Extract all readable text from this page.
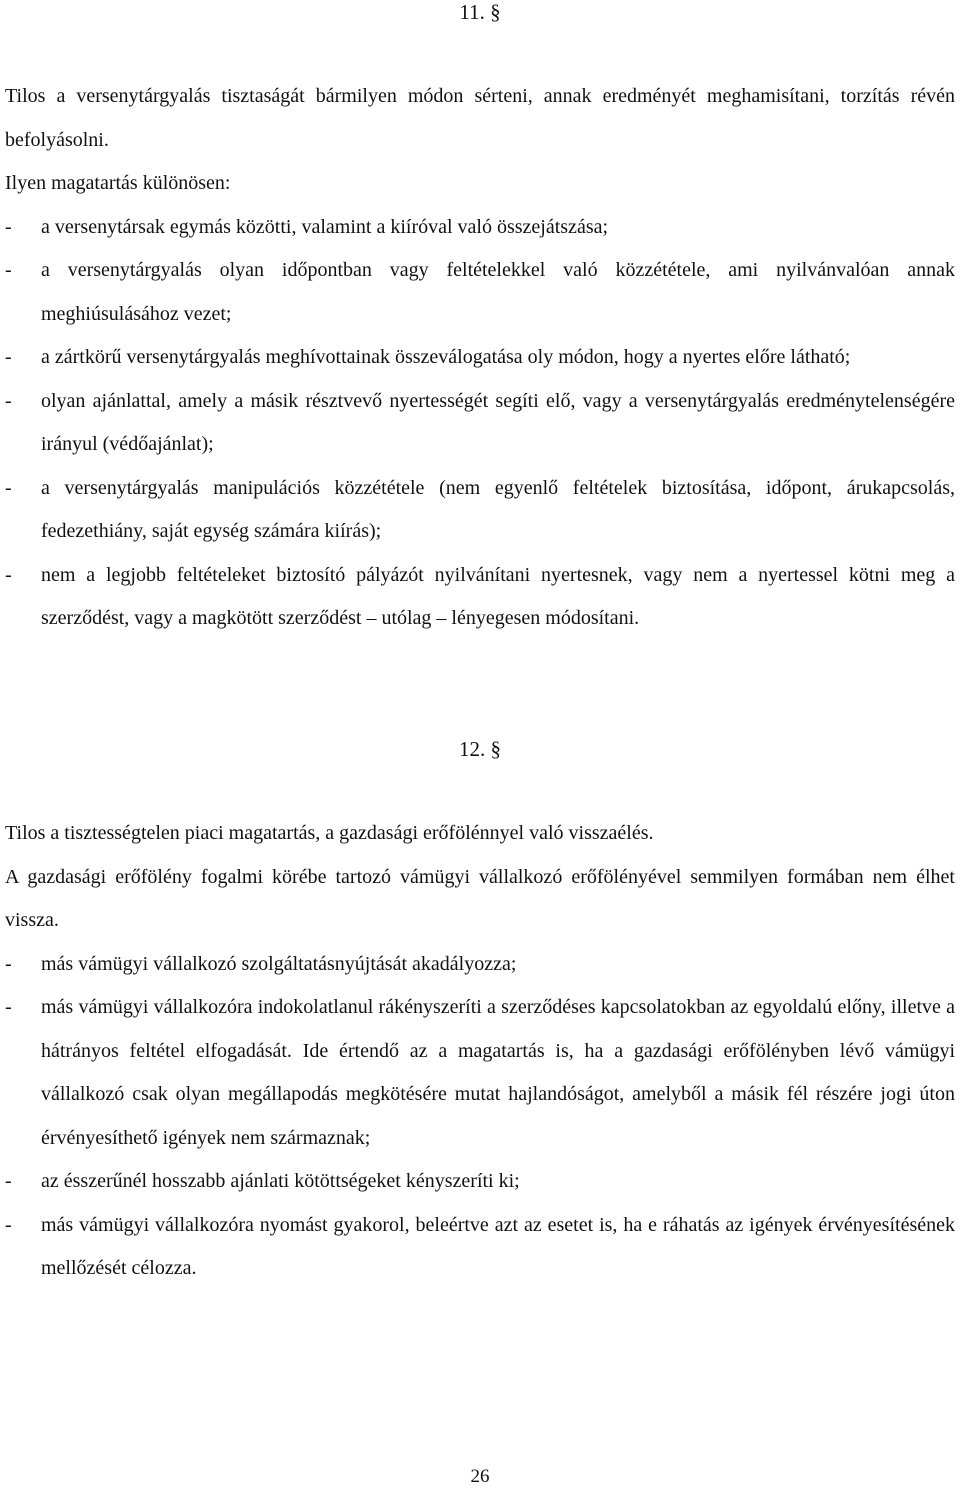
11. §

Tilos a versenytárgyalás tisztaságát bármilyen módon sérteni, annak eredményét meghamisítani, torzítás révén befolyásolni.

Ilyen magatartás különösen:

-	a versenytársak egymás közötti, valamint a kiíróval való összejátszása;
-	a versenytárgyalás olyan időpontban vagy feltételekkel való közzététele, ami nyilvánvalóan annak meghiúsulásához vezet;
-	a zártkörű versenytárgyalás meghívottainak összeválogatása oly módon, hogy a nyertes előre látható;
-	olyan ajánlattal, amely a másik résztvevő nyertességét segíti elő, vagy a versenytárgyalás eredménytelenségére irányul (védőajánlat);
-	a versenytárgyalás manipulációs közzététele (nem egyenlő feltételek biztosítása, időpont, árukapcsolás, fedezethiány, saját egység számára kiírás);
-	nem a legjobb feltételeket biztosító pályázót nyilvánítani nyertesnek, vagy nem a nyertessel kötni meg a szerződést, vagy a magkötött szerződést – utólag – lényegesen módosítani.
12. §

Tilos a tisztességtelen piaci magatartás, a gazdasági erőfölénnyel való visszaélés.

A gazdasági erőfölény fogalmi körébe tartozó vámügyi vállalkozó erőfölényével semmilyen formában nem élhet vissza.

-	más vámügyi vállalkozó szolgáltatásnyújtását akadályozza;
-	más vámügyi vállalkozóra indokolatlanul rákényszeríti a szerződéses kapcsolatokban az egyoldalú előny, illetve a hátrányos feltétel elfogadását. Ide értendő az a magatartás is, ha a gazdasági erőfölényben lévő vámügyi vállalkozó csak olyan megállapodás megkötésére mutat hajlandóságot, amelyből a másik fél részére jogi úton érvényesíthető igények nem származnak;
-	az ésszerűnél hosszabb ajánlati kötöttségeket kényszeríti ki;
-	más vámügyi vállalkozóra nyomást gyakorol, beleértve azt az esetet is, ha e ráhatás az igények érvényesítésének mellőzését célozza.
26
